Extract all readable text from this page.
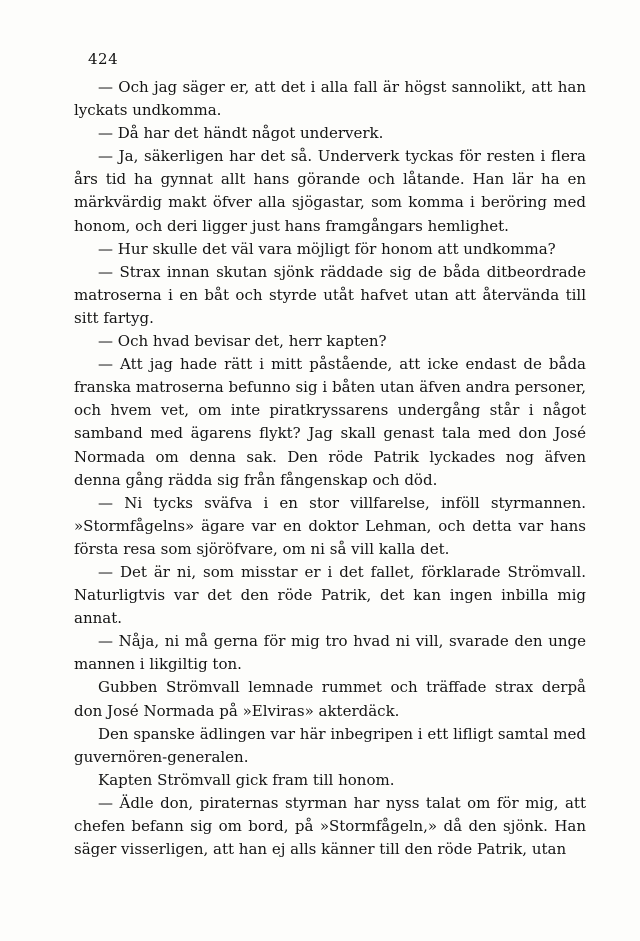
424

— Och jag säger er, att det i alla fall är högst sannolikt, att han lyckats undkomma.

— Då har det händt något underverk.

— Ja, säkerligen har det så. Underverk tyckas för resten i flera års tid ha gynnat allt hans görande och låtande. Han lär ha en märkvärdig makt öfver alla sjögastar, som komma i beröring med honom, och deri ligger just hans framgångars hemlighet.

— Hur skulle det väl vara möjligt för honom att undkomma?

— Strax innan skutan sjönk räddade sig de båda ditbeordrade matroserna i en båt och styrde utåt hafvet utan att återvända till sitt fartyg.

— Och hvad bevisar det, herr kapten?

— Att jag hade rätt i mitt påstående, att icke endast de båda franska matroserna befunno sig i båten utan äfven andra personer, och hvem vet, om inte piratkryssarens undergång står i något samband med ägarens flykt? Jag skall genast tala med don José Normada om denna sak. Den röde Patrik lyckades nog äfven denna gång rädda sig från fångenskap och död.

— Ni tycks sväfva i en stor villfarelse, inföll styrmannen. »Stormfågelns» ägare var en doktor Lehman, och detta var hans första resa som sjöröfvare, om ni så vill kalla det.

— Det är ni, som misstar er i det fallet, förklarade Strömvall. Naturligtvis var det den röde Patrik, det kan ingen inbilla mig annat.

— Nåja, ni må gerna för mig tro hvad ni vill, svarade den unge mannen i likgiltig ton.

Gubben Strömvall lemnade rummet och träffade strax derpå don José Normada på »Elviras» akterdäck.

Den spanske ädlingen var här inbegripen i ett lifligt samtal med guvernören-generalen.

Kapten Strömvall gick fram till honom.

— Ädle don, piraternas styrman har nyss talat om för mig, att chefen befann sig om bord, på »Stormfågeln,» då den sjönk. Han säger visserligen, att han ej alls känner till den röde Patrik, utan
